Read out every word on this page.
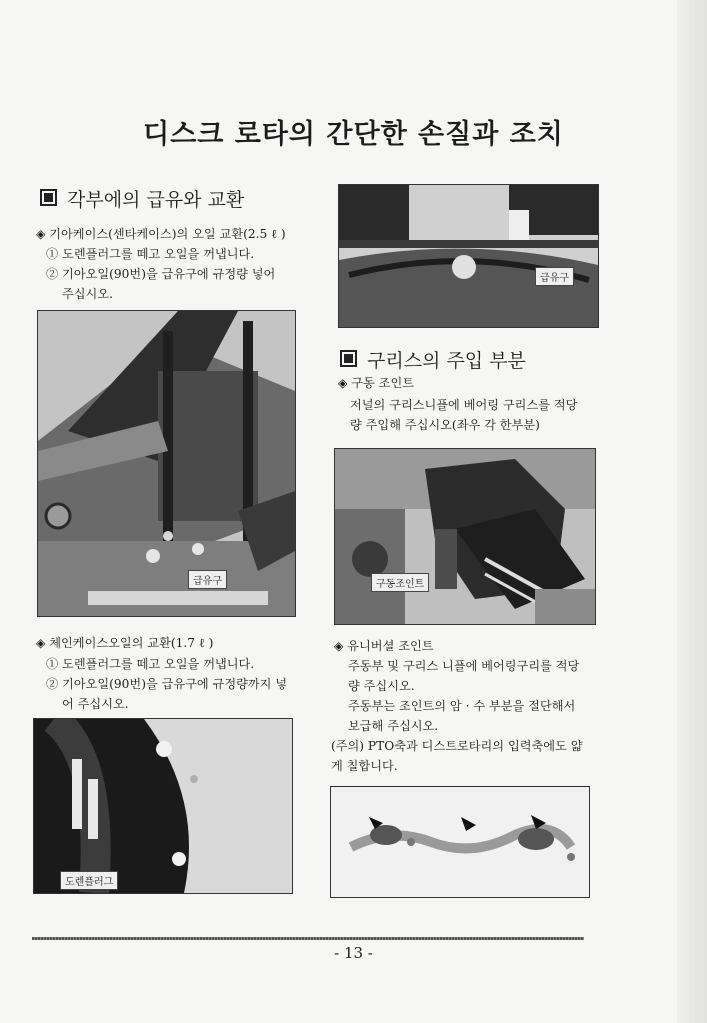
디스크 로타의 간단한 손질과 조치
각부에의 급유와 교환
◈ 기아케이스(센타케이스)의 오일 교환(2.5 ℓ )
① 도렌플러그를 떼고 오일을 꺼냅니다.
② 기아오일(90번)을 급유구에 규정량 넣어
주십시오.
급유구
◈ 체인케이스오일의 교환(1.7 ℓ )
① 도렌플러그를 떼고 오일을 꺼냅니다.
② 기아오일(90번)을 급유구에 규정량까지 넣
어 주십시오.
도렌플러그
급유구
구리스의 주입 부분
◈ 구동 조인트
저널의 구리스니플에 베어링 구리스를 적당
량 주입해 주십시오(좌우 각 한부분)
구동조인트
◈ 유니버셜 조인트
주동부 및 구리스 니플에 베어링구리를 적당
량 주십시오.
주동부는 조인트의 암 · 수 부분을 절단해서
보급해 주십시오.
(주의) PTO축과 디스트로타리의 입력축에도 얇
게 칠합니다.
- 13 -
